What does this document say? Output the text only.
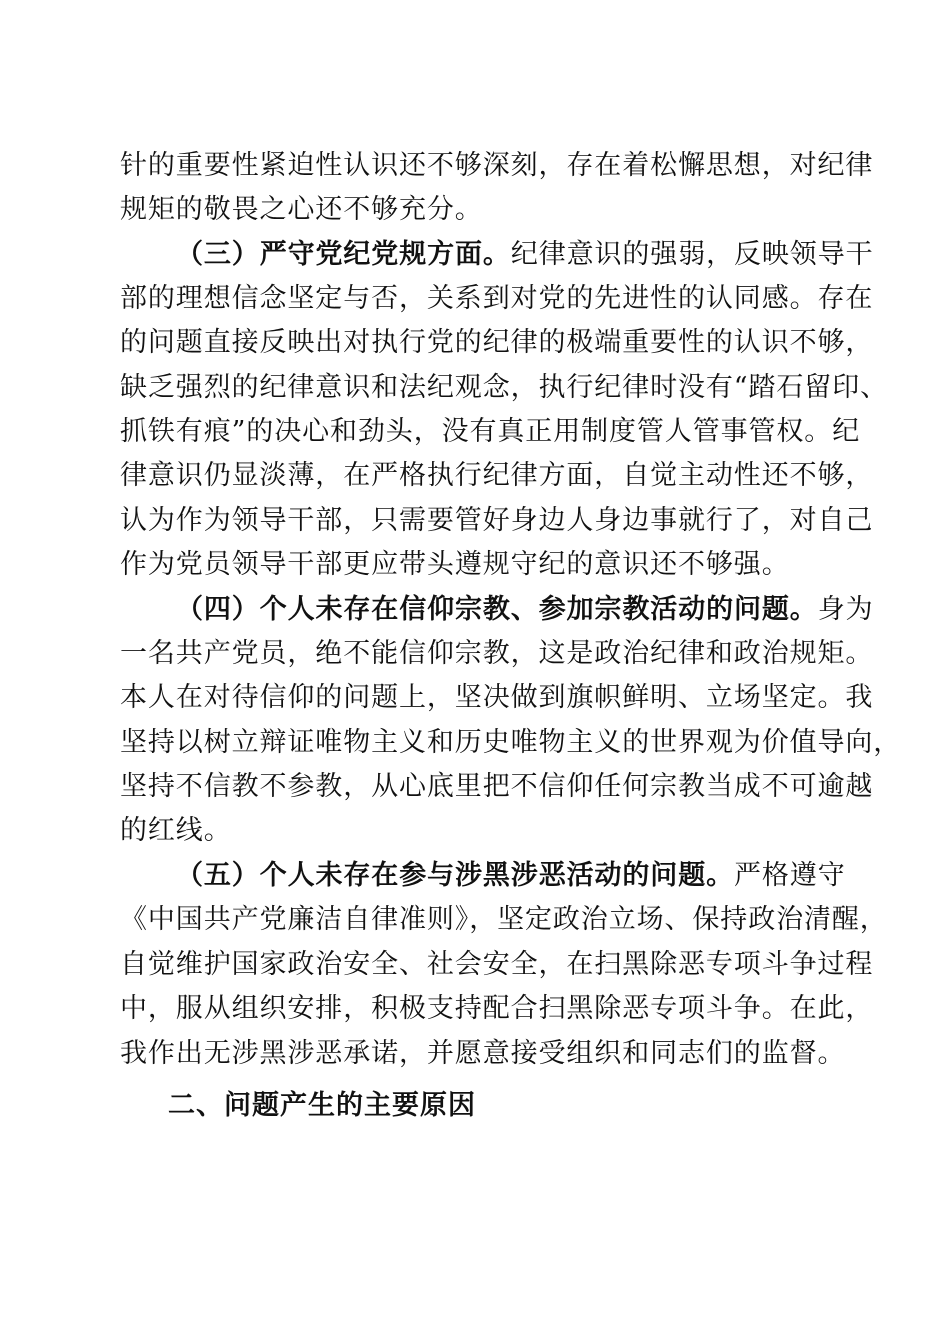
针的重要性紧迫性认识还不够深刻，存在着松懈思想，对纪律
规矩的敬畏之心还不够充分。
（三）严守党纪党规方面。纪律意识的强弱，反映领导干
部的理想信念坚定与否，关系到对党的先进性的认同感。存在
的问题直接反映出对执行党的纪律的极端重要性的认识不够，
缺乏强烈的纪律意识和法纪观念，执行纪律时没有“踏石留印、
抓铁有痕”的决心和劲头，没有真正用制度管人管事管权。纪
律意识仍显淡薄，在严格执行纪律方面，自觉主动性还不够，
认为作为领导干部，只需要管好身边人身边事就行了，对自己
作为党员领导干部更应带头遵规守纪的意识还不够强。
（四）个人未存在信仰宗教、参加宗教活动的问题。身为
一名共产党员，绝不能信仰宗教，这是政治纪律和政治规矩。
本人在对待信仰的问题上，坚决做到旗帜鲜明、立场坚定。我
坚持以树立辩证唯物主义和历史唯物主义的世界观为价值导向，
坚持不信教不参教，从心底里把不信仰任何宗教当成不可逾越
的红线。
（五）个人未存在参与涉黑涉恶活动的问题。严格遵守
《中国共产党廉洁自律准则》，坚定政治立场、保持政治清醒，
自觉维护国家政治安全、社会安全，在扫黑除恶专项斗争过程
中，服从组织安排，积极支持配合扫黑除恶专项斗争。在此，
我作出无涉黑涉恶承诺，并愿意接受组织和同志们的监督。
二、问题产生的主要原因
